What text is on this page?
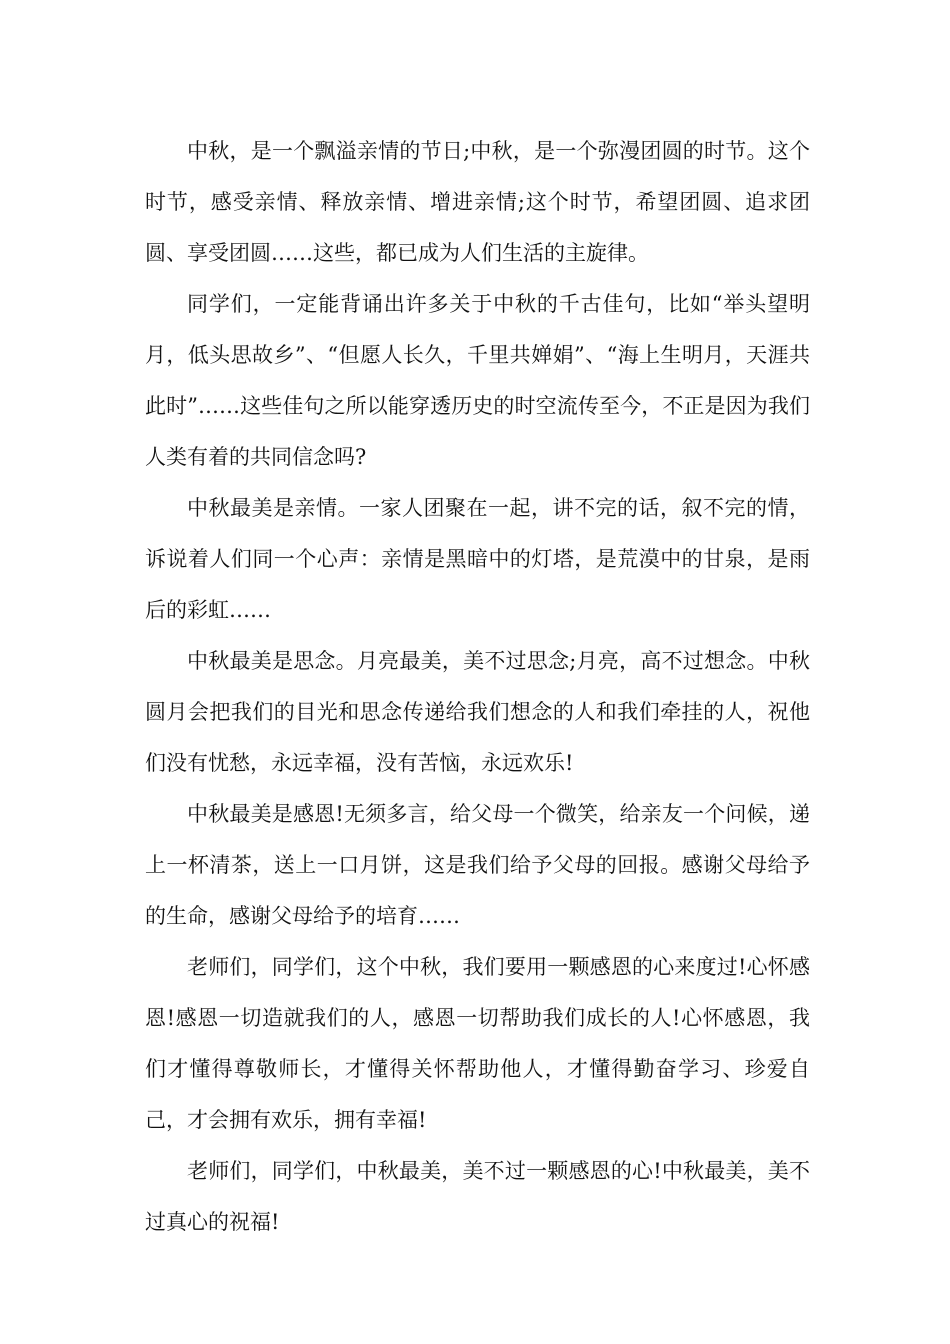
中秋，是一个飘溢亲情的节日;中秋，是一个弥漫团圆的时节。这个时节，感受亲情、释放亲情、增进亲情;这个时节，希望团圆、追求团圆、享受团圆……这些，都已成为人们生活的主旋律。

同学们，一定能背诵出许多关于中秋的千古佳句，比如“举头望明月，低头思故乡”、“但愿人长久，千里共婵娟”、“海上生明月，天涯共此时”……这些佳句之所以能穿透历史的时空流传至今，不正是因为我们人类有着的共同信念吗?

中秋最美是亲情。一家人团聚在一起，讲不完的话，叙不完的情，诉说着人们同一个心声：亲情是黑暗中的灯塔，是荒漠中的甘泉，是雨后的彩虹……

中秋最美是思念。月亮最美，美不过思念;月亮，高不过想念。中秋圆月会把我们的目光和思念传递给我们想念的人和我们牵挂的人，祝他们没有忧愁，永远幸福，没有苦恼，永远欢乐!

中秋最美是感恩!无须多言，给父母一个微笑，给亲友一个问候，递上一杯清茶，送上一口月饼，这是我们给予父母的回报。感谢父母给予的生命，感谢父母给予的培育……

老师们，同学们，这个中秋，我们要用一颗感恩的心来度过!心怀感恩!感恩一切造就我们的人，感恩一切帮助我们成长的人!心怀感恩，我们才懂得尊敬师长，才懂得关怀帮助他人，才懂得勤奋学习、珍爱自己，才会拥有欢乐，拥有幸福!

老师们，同学们，中秋最美，美不过一颗感恩的心!中秋最美，美不过真心的祝福!
